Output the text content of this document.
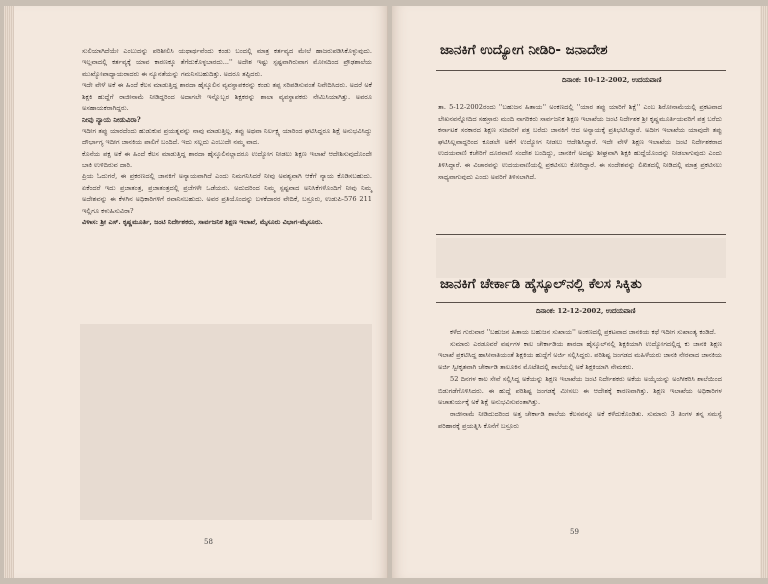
ಸುಲಿಯಾಗಿದೆಯೇ ಎಂಬುದನ್ನು ಪರಿಶೀಲಿಸಿ ಯಥಾರ್ಥವೆಂದು ಕಂಡು ಬಂದಲ್ಲಿ ಮಾತ್ರ ಕರ್ತವ್ಯದ ಮೇಲೆ ಹಾಜರುಪಡಿಸಿಕೊಳ್ಳುವುದು. ಇಲ್ಲವಾದಲ್ಲಿ ಕರ್ತವ್ಯಕ್ಕೆ ಯಾವ ಕಾರಣಕ್ಕೂ ತೆಗೆದುಕೊಳ್ಳಬಾರದು...'' ಅದೇಶ ಇಷ್ಟು ಸ್ಪಷ್ಟವಾಗಿರುವಾಗ ಮೋಸದಿಂದ ಪ್ರೌಢಶಾಲೆಯ ಮುಖ್ಯೋಪಾಧ್ಯಾಯರಾದರು ಈ ನ್ಯೂನತೆಯನ್ನು ಗಮನಿಸಬಹುದಿತ್ತು. ಅದರೂ ತಪ್ಪಿದರು.

ಇದೇ ವೇಳೆ ಅಕೆ ಈ ಹಿಂದೆ ಕೆಲಸ ಮಾಡುತ್ತಿದ್ದ ಶಾರದಾ ಹೈಸ್ಕೂಲಿನ ವ್ಯವಸ್ಥಾಪಕರನ್ನು ಕಂಡು ತಪ್ಪ ಸರಿಪಡಿಸುವಂತೆ ನಿವೇದಿಸಿದರು. ಅದರೆ ಅಕೆ ಶಿಕ್ಷಕಿ ಹುದ್ದೆಗೆ ರಾಜೀನಾಮೆ ನೀಡಿದ್ದರಿಂದ ಅದಾಗಲೇ ಇನ್ನೊಬ್ಬರ ಶಿಕ್ಷಕರನ್ನು ಶಾಲಾ ವ್ಯವಸ್ಥಾಪಕರು ನೇಮಿಸಿಯಾಗಿತ್ತು. ಅವರೂ ಅಸಹಾಯಕರಾಗಿದ್ದರು.

ನೀವು ನ್ಯಾಯ ನೀಡುವಿರಾ?

ಇದೀಗ ತಪ್ಪು ಯಾರದೆಂದು ಹುಡುಕುವ ಪ್ರಯತ್ನವನ್ನು ನಾವು ಮಾಡುತ್ತಿಲ್ಲ. ತಪ್ಪು ಅಥವಾ ನಿರ್ಲಕ್ಷ್ಯ ಯಾರಿಂದ ಘಟಿಸಿದ್ದರೂ ಶಿಕ್ಷೆ ಅನುಭವಿಸಿದ್ದು ದೌರ್ಭಾಗ್ಯ ಇದೀಗ ಜಾನಕಿಯ ಪಾಲಿಗೆ ಬಂದಿದೆ. ಇದು ಸಲ್ಲದು ಎಂಬುದೇ ನಮ್ಮ ವಾದ.

ಕೊನೆಯ ಪಕ್ಷ ಅಕೆ ಈ ಹಿಂದೆ ಕೆಲಸ ಮಾಡುತ್ತಿದ್ದ ಶಾರದಾ ಹೈಸ್ಕೂಲಿನಲ್ಲಾದರೂ ಉದ್ಯೋಗ ನೀಡಲು ಶಿಕ್ಷಣ ಇಲಾಖೆ ಆದೇಶಿಸುವುದೊಂದೇ ಬಾಕಿ ಉಳಿದಿರುವ ದಾರಿ.

ಪ್ರಿಯ ಓದುಗರೆ, ಈ ಪ್ರಕರಣದಲ್ಲಿ ಜಾನಕಿಗೆ ಅನ್ಯಾಯವಾಗಿದೆ ಎಂದು ನಿಮಗನಿಸಿದರೆ ನೀವು ಅವಶ್ಯವಾಗಿ ಆಕೆಗೆ ನ್ಯಾಯ ಕೊಡಿಸಬಹುದು. ಏಕೆಂದರೆ ಇದು ಪ್ರಜಾತಂತ್ರ, ಪ್ರಜಾತಂತ್ರದಲ್ಲಿ ಪ್ರಜೆಗಳೇ ಒಡೆಯರು. ಅದುದರಿಂದ ನಿಮ್ಮ ಸ್ಪಷ್ಟವಾದ ಅನಿಸಿಕೆಗಳೊಂದಿಗೆ ನೀವು ನಿಮ್ಮ ಅದೇಶವನ್ನು ಈ ಕೆಳಗಿನ ಅಧಿಕಾರಿಗಳಿಗೆ ರವಾನಿಸಬಹುದು. ಅವರ ಪ್ರತಿಯೊಂದನ್ನು ಬಳಕೆದಾರರ ವೇದಿಕೆ, ಬಸ್ರೂರು, ಉಡುಪಿ-576 211 ಇಲ್ಲಿಗೂ ಕಳುಹಿಸುವಿರಾ?

ವಿಳಾಸ: ಶ್ರೀ ಎಸ್. ಕೃಷ್ಣಮೂರ್ತಿ, ಜಂಟಿ ನಿರ್ದೇಶಕರು, ಸಾರ್ವಜನಿಕ ಶಿಕ್ಷಣ ಇಲಾಖೆ, ಮೈಸೂರು ವಿಭಾಗ-ಮೈಸೂರು.

58
ಜಾನಕಿಗೆ ಉದ್ಯೋಗ ನೀಡಿರಿ- ಜನಾದೇಶ
ದಿನಾಂಕ: 10-12-2002, ಉದಯವಾಣಿ
ತಾ. 5-12-2002ರಂದು ''ಬಹುಜನ ಹಿತಾಯ'' ಅಂಕಣದಲ್ಲಿ ''ಯಾರ ತಪ್ಪು ಯಾರಿಗೆ ಶಿಕ್ಷೆ'' ಎಂಬ ಶಿರೋನಾಮೆಯಲ್ಲಿ ಪ್ರಕಟವಾದ ಲೇಖನವನ್ನೋದಿದ ಸಹಸ್ರಾರು ಮಂದಿ ನಾಗರಿಕರು ಸಾರ್ವಜನಿಕ ಶಿಕ್ಷಣ ಇಲಾಖೆಯ ಜಂಟಿ ನಿರ್ದೇಶಕ ಶ್ರೀ ಕೃಷ್ಣಮೂರ್ತಿಯವರಿಗೆ ಪತ್ರ ಬರೆದು ಕರ್ನಾಟಕ ಸರಕಾರದ ಶಿಕ್ಷಣ ಸಚಿವರಿಗೆ ಪತ್ರ ಬರೆದು ಜಾನಕಿಗೆ ಆದ ಅನ್ಯಾಯಕ್ಕೆ ಪ್ರತಿಭಟಿಸಿದ್ದಾರೆ. ಅದೀಗ ಇಲಾಖೆಯ ಯಾವುದೇ ತಪ್ಪು ಘಟಿಸಿಲ್ಲವಾದ್ದರಿಂದ ಕೂಡಲೇ ಅಕೆಗೆ ಉದ್ಯೋಗ ನೀಡಲು ಆದೇಶಿಸಿದ್ದಾರೆ. ಇದೇ ವೇಳೆ ಶಿಕ್ಷಣ ಇಲಾಖೆಯ ಜಂಟಿ ನಿರ್ದೇಶಕರಾದ ಉದಯವಾಣಿ ಕಚೇರಿಗೆ ದೂರವಾಣಿ ಸಂದೇಶ ಬಂದಿದ್ದು, ಜಾನಕಿಗೆ ಅದಷ್ಟು ಶೀಘ್ರವಾಗಿ ಶಿಕ್ಷಕಿ ಹುದ್ದೆಯೊಂದನ್ನು ನೀಡಲಾಗುವುದು ಎಂದು ತಿಳಿಸಿದ್ದಾರೆ. ಈ ವಿಚಾರವನ್ನು ಉದಯವಾಣಿಯಲ್ಲಿ ಪ್ರಕಟಿಸಲು ಕೋರಿದ್ದಾರೆ. ಈ ಸಂದೇಶವನ್ನು ಲಿಖಿತದಲ್ಲಿ ನೀಡಿದಲ್ಲಿ ಮಾತ್ರ ಪ್ರಕಟಿಸಲು ಸಾಧ್ಯವಾಗುವುದು ಎಂದು ಅವರಿಗೆ ತಿಳಿಸಲಾಗಿದೆ.
ಜಾನಕಿಗೆ ಚೇರ್ಕಾಡಿ ಹೈಸ್ಕೂಲ್‌ನಲ್ಲಿ ಕೆಲಸ ಸಿಕ್ಕಿತು
ದಿನಾಂಕ: 12-12-2002, ಉದಯವಾಣಿ

ಕಳೆದ ಗುರುವಾರ ''ಬಹುಜನ ಹಿತಾಯ ಬಹುಜನ ಸುಖಾಯ'' ಅಂಕಣದಲ್ಲಿ ಪ್ರಕಟವಾದ ಜಾನಕಿಯ ಕಥೆ ಇದೀಗ ಸುಖಾಂತ್ಯ ಕಂಡಿದೆ.

ಸುಮಾರು ಎರಡೂವರೆ ವರ್ಷಗಳ ಕಾಲ ಚೇರ್ಕಾಡಿಯ ಶಾರದಾ ಹೈಸ್ಕೂಲ್‌ನಲ್ಲಿ ಶಿಕ್ಷಕಿಯಾಗಿ ಉದ್ಯೋಗದಲ್ಲಿದ್ದ ಕು ಜಾನಕಿ ಶಿಕ್ಷಣ ಇಲಾಖೆ ಪ್ರಕಟಿಸಿದ್ದ ಹಾಸೀನಾತಿಯಂತೆ ಶಿಕ್ಷಕಿಯ ಹುದ್ದೆಗೆ ಅರ್ಜಿ ಸಲ್ಲಿಸಿದ್ದರು. ಪರಿಶಿಷ್ಟ ಜಂಗಡದ ಮಹಿಳೆಯರು ಜಾನಕಿ ನೇರವಾದ ಜಾನಕಿಯ ಅರ್ಜಿ ಸ್ವೀಕೃತವಾಗಿ ಚೇರ್ಕಾಡಿ ತಾಲೂಕಿನ ಮೊಟೆತಿದಲ್ಲಿ ಶಾಲೆಯಲ್ಲಿ ಅಕೆ ಶಿಕ್ಷಕಿಯಾಗಿ ನೇಮಕರು.

52 ದಿನಗಳ ಕಾಲ ಸೇವೆ ಸಲ್ಲಿಸಿದ್ದ ಅಕೆಯನ್ನು ಶಿಕ್ಷಣ ಇಲಾಖೆಯ ಜಂಟಿ ನಿರ್ದೇಶಕರು ಅಕೆಯ ಅಯ್ಕೆಯನ್ನು ಅಂಗೀಕರಿಸಿ ಶಾಲೆಯಿಂದ ಬಿಡುಗಡೆಗೊಳಿಸಿದರು. ಈ ಹುದ್ದೆ ಪರಿಶಿಷ್ಟ ಜಂಗಡಕ್ಕೆ ಮೀಸಲು ಈ ಆದೇಶಕ್ಕೆ ಕಾರಣವಾಗಿತ್ತು. ಶಿಕ್ಷಣ ಇಲಾಖೆಯ ಅಧಿಕಾರಿಗಳ ಅಚಾತುರ್ಯಕ್ಕೆ ಅಕೆ ಶಿಕ್ಷೆ ಅನುಭವಿಸುವಂತಾಗಿತ್ತು.

ರಾಜೀನಾಮೆ ನೀಡಿದುದರಿಂದ ಅತ್ತ ಚೇರ್ಕಾಡಿ ಶಾಲೆಯ ಕೆಲಸವನ್ನೂ ಅಕೆ ಕಳೆದುಕೊಂಡಿತು. ಸುಮಾರು 3 ತಿಂಗಳ ತನ್ನ ಸಮಸ್ಯೆ ಪರಿಹಾರಕ್ಕೆ ಪ್ರಯತ್ನಿಸಿ ಕೊನೆಗೆ ಬಸ್ರೂರು

59
